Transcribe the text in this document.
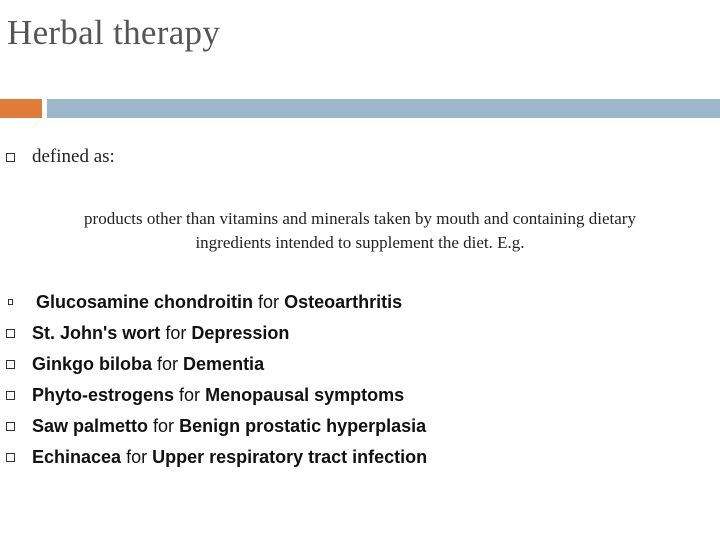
Herbal therapy
defined as:
products other than vitamins and minerals taken by mouth and containing dietary
ingredients intended to supplement the diet. E.g.
Glucosamine chondroitin for Osteoarthritis
St. John's wort for Depression
Ginkgo biloba for Dementia
Phyto-estrogens for Menopausal symptoms
Saw palmetto for Benign prostatic hyperplasia
Echinacea for Upper respiratory tract infection
